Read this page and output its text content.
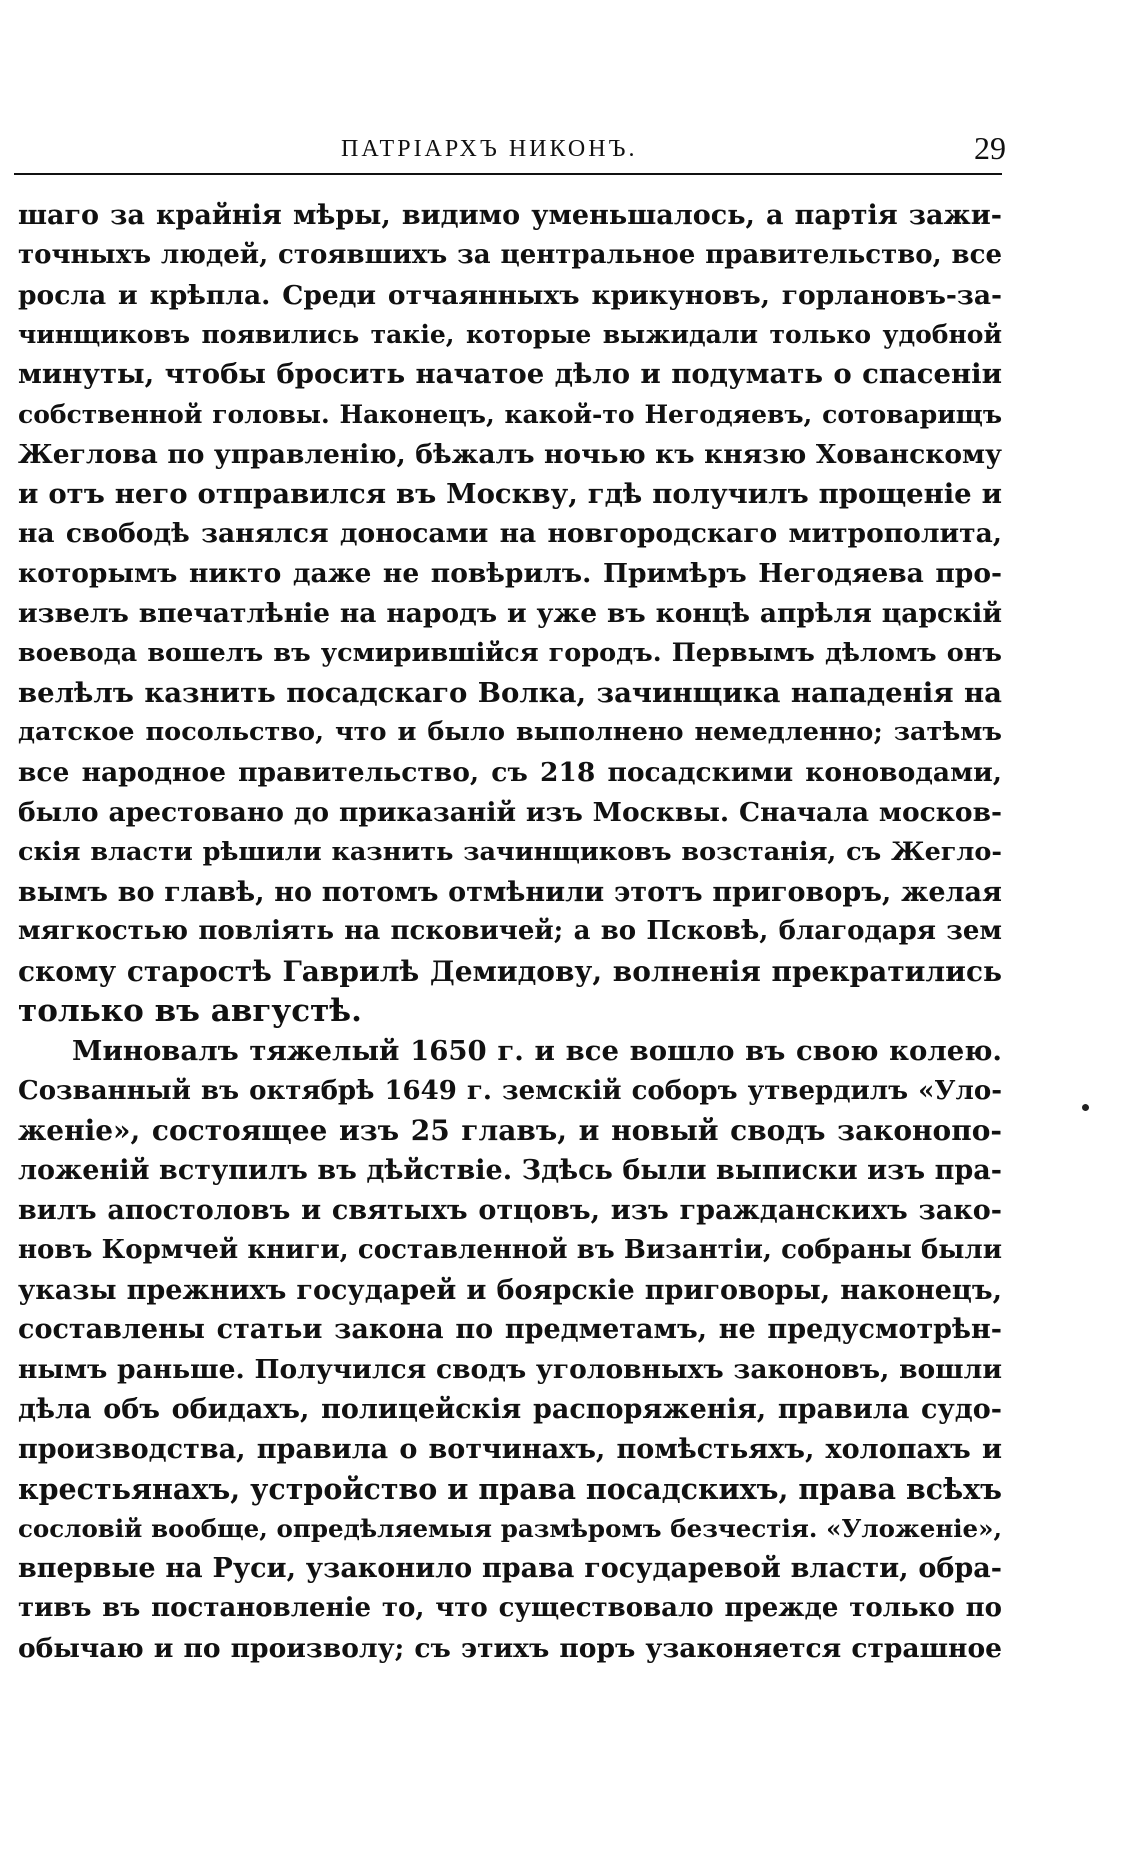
ПАТРІАРХЪ НИКОНЪ.	29
шаго за крайнія мѣры, видимо уменьшалось, а партія зажи-
точныхъ людей, стоявшихъ за центральное правительство, все
росла и крѣпла. Среди отчаянныхъ крикуновъ, горлановъ-за-
чинщиковъ появились такіе, которые выжидали только удобной
минуты, чтобы бросить начатое дѣло и подумать о спасеніи
собственной головы. Наконецъ, какой-то Негодяевъ, сотоварищъ
Жеглова по управленію, бѣжалъ ночью къ князю Хованскому
и отъ него отправился въ Москву, гдѣ получилъ прощеніе и
на свободѣ занялся доносами на новгородскаго митрополита,
которымъ никто даже не повѣрилъ. Примѣръ Негодяева про-
извелъ впечатлѣніе на народъ и уже въ концѣ апрѣля царскій
воевода вошелъ въ усмирившійся городъ. Первымъ дѣломъ онъ
велѣлъ казнить посадскаго Волка, зачинщика нападенія на
датское посольство, что и было выполнено немедленно; затѣмъ
все народное правительство, съ 218 посадскими коноводами,
было арестовано до приказаній изъ Москвы. Сначала москов-
скія власти рѣшили казнить зачинщиковъ возстанія, съ Жегло-
вымъ во главѣ, но потомъ отмѣнили этотъ приговоръ, желая
мягкостью повліять на псковичей; а во Псковѣ, благодаря зем
скому старостѣ Гаврилѣ Демидову, волненія прекратились
только въ августѣ.
Миновалъ тяжелый 1650 г. и все вошло въ свою колею.
Созванный въ октябрѣ 1649 г. земскій соборъ утвердилъ «Уло-
женіе», состоящее изъ 25 главъ, и новый сводъ законопо-
ложеній вступилъ въ дѣйствіе. Здѣсь были выписки изъ пра-
вилъ апостоловъ и святыхъ отцовъ, изъ гражданскихъ зако-
новъ Кормчей книги, составленной въ Византіи, собраны были
указы прежнихъ государей и боярскіе приговоры, наконецъ,
составлены статьи закона по предметамъ, не предусмотрѣн-
нымъ раньше. Получился сводъ уголовныхъ законовъ, вошли
дѣла объ обидахъ, полицейскія распоряженія, правила судо-
производства, правила о вотчинахъ, помѣстьяхъ, холопахъ и
крестьянахъ, устройство и права посадскихъ, права всѣхъ
сословій вообще, опредѣляемыя размѣромъ безчестія. «Уложеніе»,
впервые на Руси, узаконило права государевой власти, обра-
тивъ въ постановленіе то, что существовало прежде только по
обычаю и по произволу; съ этихъ поръ узаконяется страшное
